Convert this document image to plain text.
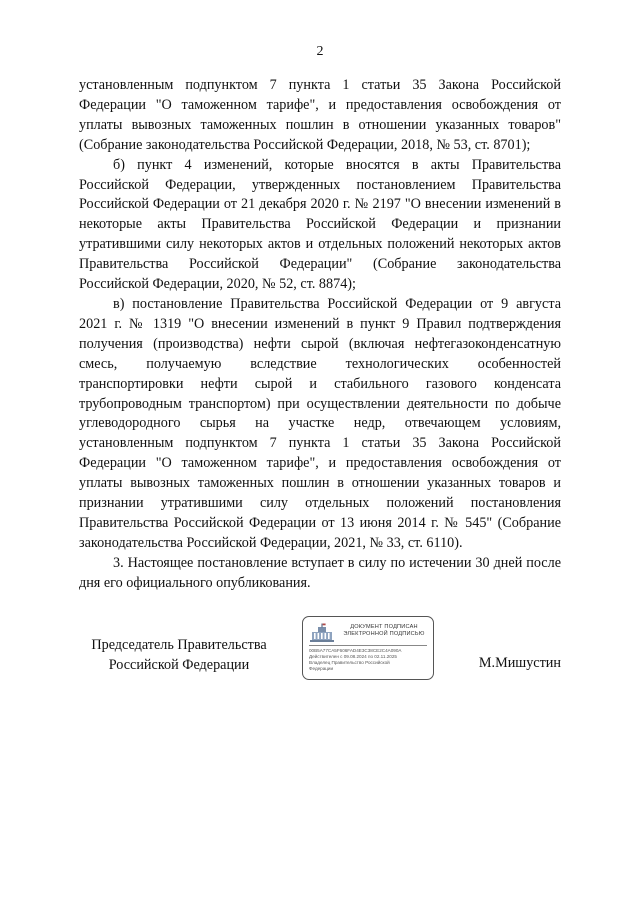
2

установленным подпунктом 7 пункта 1 статьи 35 Закона Российской Федерации "О таможенном тарифе", и предоставления освобождения от уплаты вывозных таможенных пошлин в отношении указанных товаров" (Собрание законодательства Российской Федерации, 2018, № 53, ст. 8701);

б) пункт 4 изменений, которые вносятся в акты Правительства Российской Федерации, утвержденных постановлением Правительства Российской Федерации от 21 декабря 2020 г. № 2197 "О внесении изменений в некоторые акты Правительства Российской Федерации и признании утратившими силу некоторых актов и отдельных положений некоторых актов Правительства Российской Федерации" (Собрание законодательства Российской Федерации, 2020, № 52, ст. 8874);

в) постановление Правительства Российской Федерации от 9 августа 2021 г. № 1319 "О внесении изменений в пункт 9 Правил подтверждения получения (производства) нефти сырой (включая нефтегазоконденсатную смесь, получаемую вследствие технологических особенностей транспортировки нефти сырой и стабильного газового конденсата трубопроводным транспортом) при осуществлении деятельности по добыче углеводородного сырья на участке недр, отвечающем условиям, установленным подпунктом 7 пункта 1 статьи 35 Закона Российской Федерации "О таможенном тарифе", и предоставления освобождения от уплаты вывозных таможенных пошлин в отношении указанных товаров и признании утратившими силу отдельных положений постановления Правительства Российской Федерации от 13 июня 2014 г. № 545" (Собрание законодательства Российской Федерации, 2021, № 33, ст. 6110).

3. Настоящее постановление вступает в силу по истечении 30 дней после дня его официального опубликования.

Председатель Правительства
Российской Федерации
ДОКУМЕНТ ПОДПИСАН
ЭЛЕКТРОННОЙ ПОДПИСЬЮ
00B5A77CA5F606FAD4E3C38CE2C4A090A
Действителен с 09.08.2024 по 02.11.2025
Владелец Правительство Российской
Федерации	М.Мишустин
